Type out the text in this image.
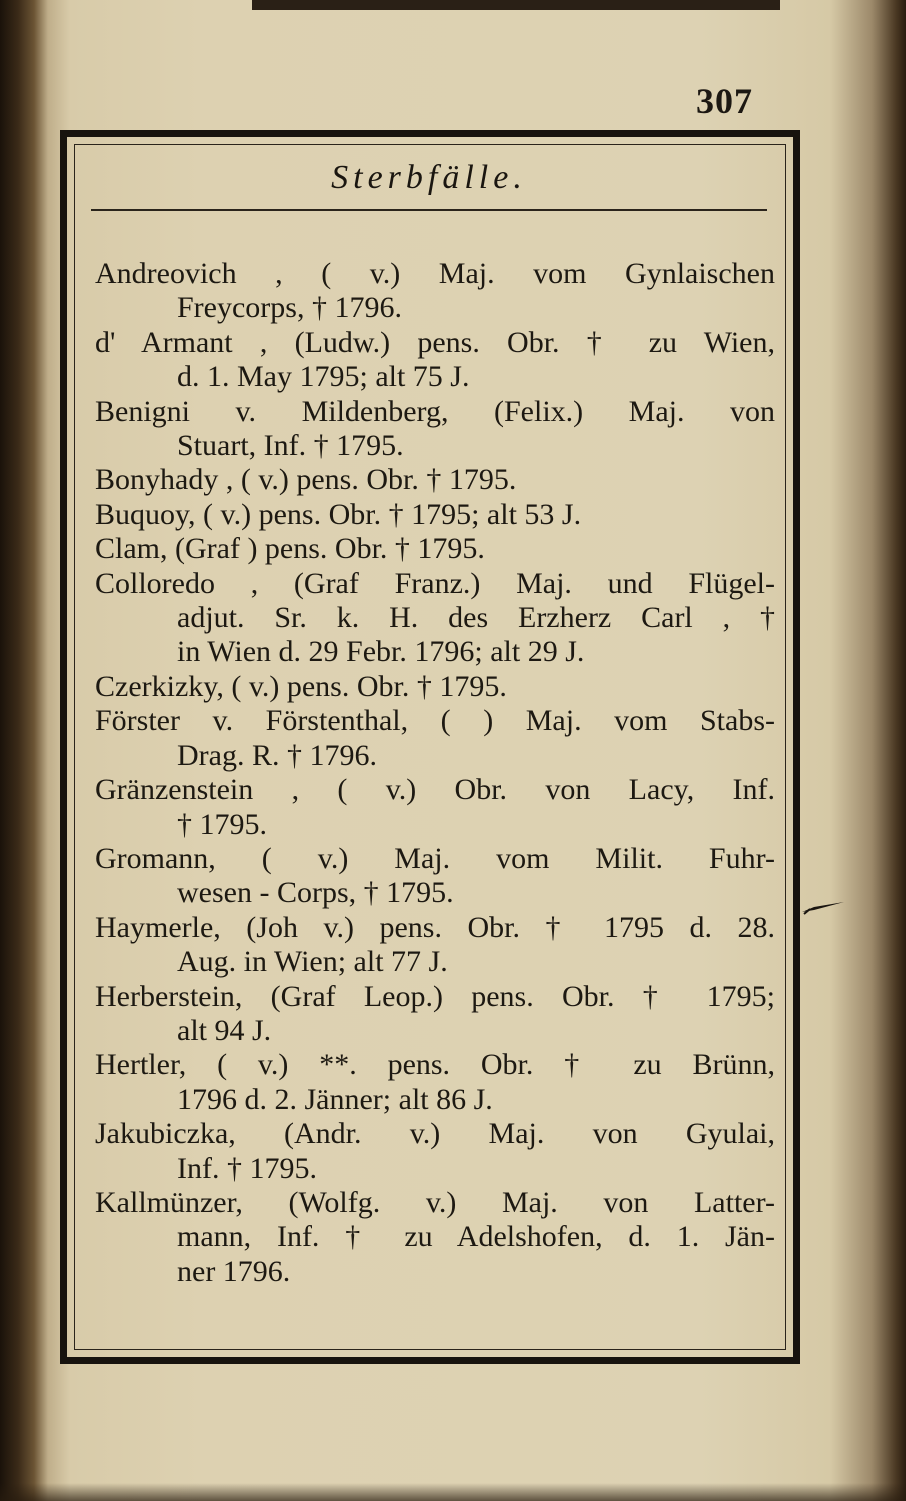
307
Sterbfälle.
Andreovich , ( v.) Maj. vom Gynlaischen
Freycorps, † 1796.
d' Armant , (Ludw.) pens. Obr. † zu Wien,
d. 1. May 1795; alt 75 J.
Benigni v. Mildenberg, (Felix.) Maj. von
Stuart, Inf. † 1795.
Bonyhady , ( v.) pens. Obr. † 1795.
Buquoy, ( v.) pens. Obr. † 1795; alt 53 J.
Clam, (Graf ) pens. Obr. † 1795.
Colloredo , (Graf Franz.) Maj. und Flügel-
adjut. Sr. k. H. des Erzherz Carl , †
in Wien d. 29 Febr. 1796; alt 29 J.
Czerkizky, ( v.) pens. Obr. † 1795.
Förster v. Förstenthal, ( ) Maj. vom Stabs-
Drag. R. † 1796.
Gränzenstein , ( v.) Obr. von Lacy, Inf.
† 1795.
Gromann, ( v.) Maj. vom Milit. Fuhr-
wesen - Corps, † 1795.
Haymerle, (Joh v.) pens. Obr. † 1795 d. 28.
Aug. in Wien; alt 77 J.
Herberstein, (Graf Leop.) pens. Obr. † 1795;
alt 94 J.
Hertler, ( v.) **. pens. Obr. † zu Brünn,
1796 d. 2. Jänner; alt 86 J.
Jakubiczka, (Andr. v.) Maj. von Gyulai,
Inf. † 1795.
Kallmünzer, (Wolfg. v.) Maj. von Latter-
mann, Inf. † zu Adelshofen, d. 1. Jän-
ner 1796.
